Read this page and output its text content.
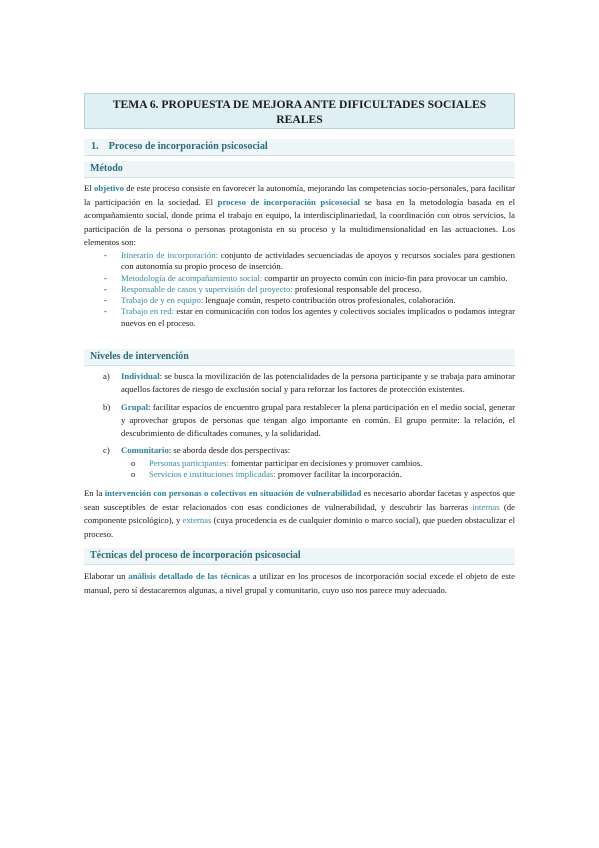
TEMA 6. PROPUESTA DE MEJORA ANTE DIFICULTADES SOCIALES
REALES
1. Proceso de incorporación psicosocial
Método
El objetivo de este proceso consiste en favorecer la autonomía, mejorando las competencias socio-personales, para facilitar la participación en la sociedad. El proceso de incorporación psicosocial se basa en la metodología basada en el acompañamiento social, donde prima el trabajo en equipo, la interdisciplinariedad, la coordinación con otros servicios, la participación de la persona o personas protagonista en su proceso y la multidimensionalidad en las actuaciones. Los elementos son:
- Itinerario de incorporación: conjunto de actividades secuenciadas de apoyos y recursos sociales para gestionen con autonomía su propio proceso de inserción.
- Metodología de acompañamiento social: compartir un proyecto común con inicio-fin para provocar un cambio.
- Responsable de casos y supervisión del proyecto: profesional responsable del proceso.
- Trabajo de y en equipo: lenguaje común, respeto contribución otros profesionales, colaboración.
- Trabajo en red: estar en comunicación con todos los agentes y colectivos sociales implicados o podamos integrar nuevos en el proceso.
Niveles de intervención
a) Individual: se busca la movilización de las potencialidades de la persona participante y se trabaja para aminorar aquellos factores de riesgo de exclusión social y para reforzar los factores de protección existentes.
b) Grupal: facilitar espacios de encuentro grupal para restablecer la plena participación en el medio social, generar y aprovechar grupos de personas que tengan algo importante en común. El grupo permite: la relación, el descubrimiento de dificultades comunes, y la solidaridad.
c) Comunitario: se aborda desde dos perspectivas:
o Personas participantes: fomentar participar en decisiones y promover cambios.
o Servicios e instituciones implicadas: promover facilitar la incorporación.
En la intervención con personas o colectivos en situación de vulnerabilidad es necesario abordar facetas y aspectos que sean susceptibles de estar relacionados con esas condiciones de vulnerabilidad, y descubrir las barreras internas (de componente psicológico), y externas (cuya procedencia es de cualquier dominio o marco social), que pueden obstaculizar el proceso.
Técnicas del proceso de incorporación psicosocial
Elaborar un análisis detallado de las técnicas a utilizar en los procesos de incorporación social excede el objeto de este manual, pero sí destacaremos algunas, a nivel grupal y comunitario, cuyo uso nos parece muy adecuado.
